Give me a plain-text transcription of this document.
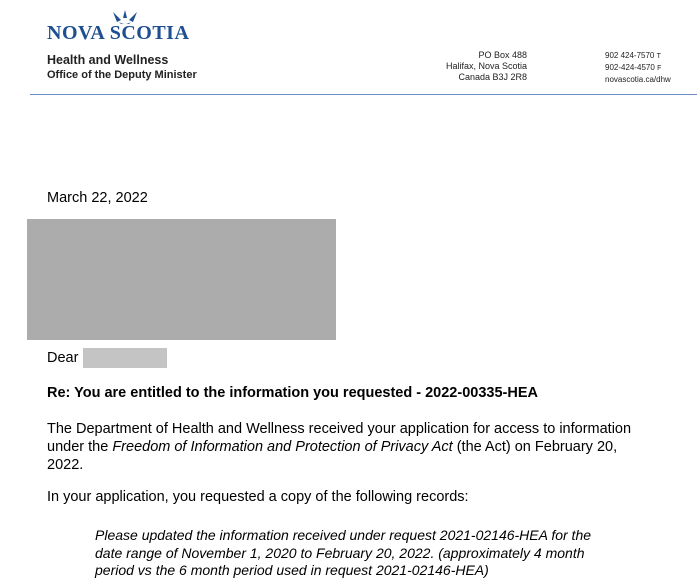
NOVA SCOTIA
Health and Wellness
Office of the Deputy Minister
PO Box 488
Halifax, Nova Scotia
Canada B3J 2R8
902 424-7570 T
902-424-4570 F
novascotia.ca/dhw
March 22, 2022
Dear
Re: You are entitled to the information you requested - 2022-00335-HEA
The Department of Health and Wellness received your application for access to information
under the Freedom of Information and Protection of Privacy Act (the Act) on February 20,
2022.
In your application, you requested a copy of the following records:
Please updated the information received under request 2021-02146-HEA for the
date range of November 1, 2020 to February 20, 2022. (approximately 4 month
period vs the 6 month period used in request 2021-02146-HEA)
